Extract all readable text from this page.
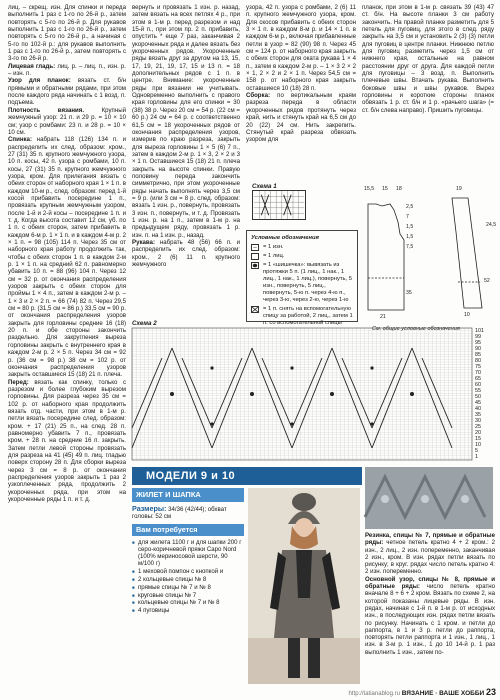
лиц. – скрещ. изн. Для спинки и переда выполнить 1 раз с 1-го по 26-й р., затем повторять с 5-го по 26-й р. Для рукавов выполнить 1 раз с 1-го по 26-й р., затем повторять с 5-го по 26-й р., а начиная с 5-го по 102-й р.: для рукавов выполнить 1 раз с 1-го по 26-й р., затем повторять с 3-го по 26-й р.

Лицевая гладь: лиц. р. – лиц. п., изн. р. – изн. п.

Узор для планок: вязать ст. б/н прямыми и обратными рядами, при этом после каждого ряда начинать с 1 возд. п. подъема.

Плотность вязания. Крупный жемчужный узор: 21 п. и 29 р. = 10 × 10 см; узор с ромбами: 23 п. и 28 р. = 10 × 10 см.

Спинка: набрать 118 (126) 134 п. и распределить их след. образом: кром., 27 (31) 35 п. крупного жемчужного узора, 10 п. косы, 42 п. узора с ромбами, 10 п. косы, 27 (31) 35 п. крупного жемчужного узора, кром. Для прилегания вязать с обеих сторон от наборного края 1 × 1 п. в каждом 10-м р., след. образом: перед 1-й косой прибавить посередине 1 п., провязать крупным жемчужным узором, после 1-й и 2-й косы – посередине 1 п. и т. д. Когда высота составит 12 см, уб. по 1 п. с обеих сторон, затем прибавить в каждом 6-м р. 1 × 1 п. и в каждом 4-м р. 2 × 1 п. = 98 (105) 114 п. Через 35 см от наборного края работу продолжить так, чтобы с обеих сторон 1 п. в каждом 2-м р. 1 × 1 п. на средний 62 п. равномерно убавить 10 п. = 88 (96) 104 п. Через 12 см = 32 р. от окончания распределения узоров закрыть с обеих сторон для проймы 1 × 4 п., затем в каждом 2-м р. – 1 × 3 и 2 × 2 п. = 66 (74) 82 п. Через 29,5 см = 80 р. (31,5 см = 86 р.) 33,5 см = 90 р. от окончания распределения узоров закрыть для горловины средние 16 (18) 20 п. и обе стороны закончить раздельно. Для закругления выреза горловины закрыть с внутреннего края в каждом 2-м р. 2 × 5 п. Через 34 см = 92 р. (36 см = 98 р.) 38 см = 102 р. от окончания распределения узоров закрыть оставшиеся 15 (18) 21 п. плеча.

Перед: вязать как спинку, только с разрезом и более глубоким вырезом горловины. Для разреза через 35 см = 102 р. от наборного края продолжить вязать отд. части, при этом в 1-м р. петли вязать посередине след. образом: кром. + 17 (21) 25 п., на след. 28 п. равномерно убавить 7 п., провязать кром. + 28 п. на средние 16 п. закрыть. Затем петли левой стороны провязать для разреза на 41 (45) 49 п. лиц. гладью поверх сторону 28 п. Для сборки выреза через 3 см = 8 р. от окончания распределения узоров закрыть 1 раз 2 узкоплеченных ряда, продолжить 2 укороченных ряда, при этом на укороченные ряды 1 п. и т. д.

вернуть и провязать 1 изн. р. назад, затем вязать на всех петлях 4 р., при этом в 1-м р. перед разрезом и над 15-й п., при этом пр. 2 п. прибавить, опустить * еще 7 раз, заканчивая 2 укороченных ряда и далее вязать без укороченных рядов. Укороченные ряды вязать друг за другом на 13, 15, 17, 19, 21, 19, 17, 15 и 13 п. = 18 дополнительных рядов с 1 п. в центре. Внимание: укороченные ряды при вязании не учитывать. Одновременно выполнить с правого края горловины для его спинки = 30 (38) 38 р. Через 20 см = 54 р. (22 см = 60 р.) 24 см = 64 р. с соответственно 61,5 см = 18 укороченных рядов от окончания распределения узоров, измерив по краю разреза, закрыть для выреза горловины 1 × 5 (6) 7 п., затем в каждом 2-м р. 1 × 3, 2 × 2 и 3 × 1 п. Оставшиеся 15 (18) 21 п. плеча закрыть на высоте спинки. Правую половину переда закончить симметрично, при этом укороченные ряды начать выполнять через 3,5 см = 9 р. (или 3 см = 8 р. след. образом: вязать 1 изн. р., повернуть, провязать 3 изн. п., повернуть, и т. д. Провязать 1 изн. р. на 1 п., затем в 1-м р. на предыдущем ряду, провязать 1 р. изн. п. на 1 изн. р., назад.

Рукава: набрать 48 (56) 66 п. и распределить их след. образом: кром., 2 (6) 11 п. крупного жемчужного

узора, 42 п. узора с ромбами, 2 (6) 11 п. крупного жемчужного узора, кром. Для скосов прибавить с обеих сторон 3 × 1 п. в каждом 8-м р. и 14 × 1 п. в каждом 6-м р., включая прибавленные петли в узор = 82 (90) 98 п. Через 45 см = 124 р. от наборного края закрыть с обеих сторон для оката рукава 1 × 4 п., затем в каждом 2-м р. – 1 × 3 2 × 2 × 1, 2 × 2 и 2 × 1 п. Через 54,5 см = 158 р. от наборного края закрыть оставшиеся 10 (18) 28 п.

Сборка: по вертикальным краям разреза переда в области укороченных рядов протянуть через край, нить и стянуть край на 6,5 см до 20 (22) 24 см. Нить закрепить. Стянутый край разреза обвязать узором для

планок, при этом в 1-м р. связать 39 (43) 47 ст. б/н. На высоте планки 3 см работу закончить. На правой планке разметить для 5 петель для пуговиц, для этого в след. ряду закрыть на 3,5 см и установить 2 (3) (3) петли для пуговиц в центре планки. Нижнюю петлю для пуговиц разметить через 1,5 см от нижнего края, остальные на равном расстоянии друг от друга. Для каждой петли для пуговицы – 3 возд. п. Выполнить плечевые швы. Втачать рукава. Выполнить боковые швы и швы рукавов. Вырез горловины и короткие стороны планок обвязать 1 р. ст. б/н и 1 р. «рачьего шага» (= ст. б/н слева направо). Пришить пуговицы.

Схема 1
Условные обозначения
–	= 1 изн.
= 1 лиц.
= 1 «шишечка»: вывязать из протяжки 5 п. (1 лиц., 1 нак., 1 лиц., 1 нак., 1 лиц.), повернуть, 5 изн., повернуть, 5 лиц., повернуть, 5-ю п. через 4-ю п., через 3-ю, через 2-ю, через 1-ю
= 1 п. снять на вспомогательную спицу за работой, 2 лиц., затем 1 п. со вспомогательной спицы
15,5 15 18	19
24,5
2,5
7
1,5
1,5
7,5
35
10
21
52
Схема 2
101
99
95
90
85
80
75
70
65
60
55
50
45
40
35
30
25
20
15
10
5
1
МОДЕЛИ 9 и 10
ЖИЛЕТ И ШАПКА

Размеры: 34/36 (42/44); обхват головы: 52 см

Вам потребуется
■ для жилета 1100 г и для шапки 200 г серо-коричневой пряжи Capo Nord (100% мериносовой шерсти, 90 м/100 г)
■ 1 меховой помпон с кнопкой и
■ 2 кольцевые спицы № 8
■ прямые спицы № 7 и № 8
■ круговые спицы № 7
■ кольцевые спицы № 7 и № 8
■ 4 пуговицы

Резинка, спицы № 7, прямые и обратные ряды: четное петель кратно 4 + 2 кром.: 2 изн., 2 лиц., 2 изн. попеременно, заканчивая 2 изн., кром. В изн. рядах петли вязать по рисунку; в круг. рядах число петель кратно 4: 2 изн. попеременно.

Основной узор, спицы № 8, прямые и обратные ряды: число петель кратно вначале 8 + 6 + 2 кром. Вязать по схеме 2, на которой показаны лицевые ряды. В изн. рядах, начиная с 1-й п. в 1-м р. от исходных изн., в последующих изн. рядах петли вязать по рисунку. Начинать с 1 кром. и петли до раппорта, в 1 и 3 р. петли до раппорта, повторять петли раппорта и 1 изн., 1 лиц., 1 изн. в 3-м р. 1 изн., 1 до 10 14-й р. 1 раз выполнить 1 изн., затем по-

http://tatianablog.ru ВЯЗАНИЕ · ВАШЕ ХОББИ 23
